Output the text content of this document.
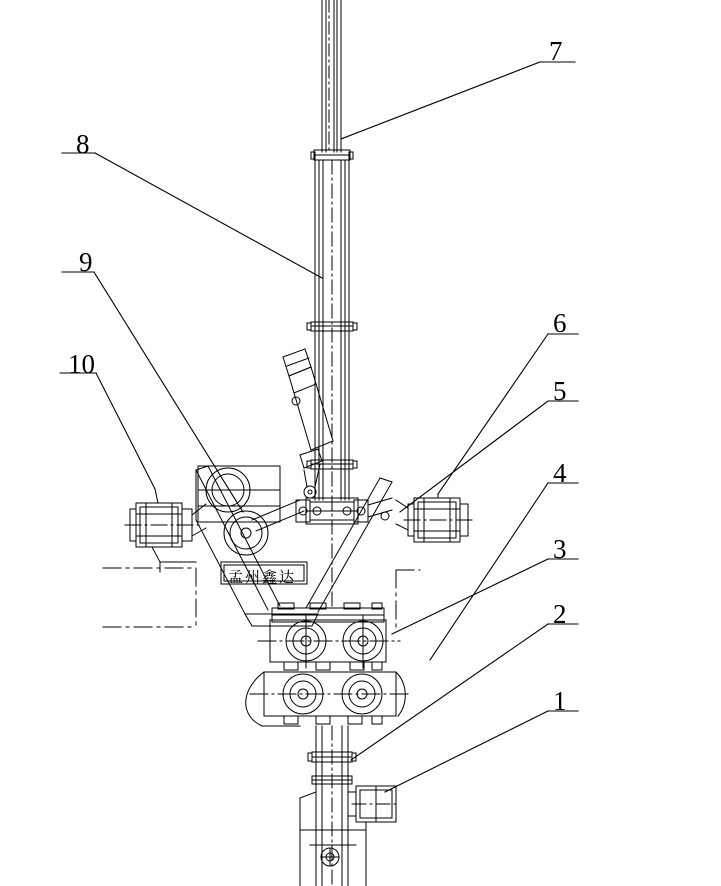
7
8
9
10
6
5
4
3
2
1
孟州鑫达
